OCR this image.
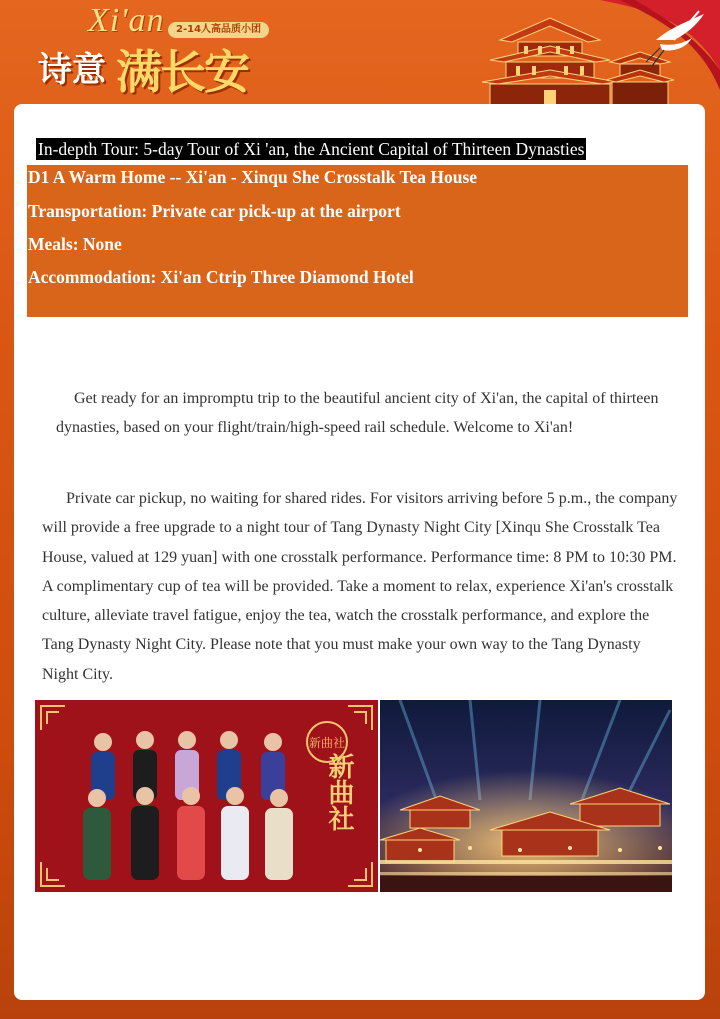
Xi'an	2-14人高品质小团
诗意 满长安
In-depth Tour: 5-day Tour of Xi 'an, the Ancient Capital of Thirteen Dynasties
D1 A Warm Home -- Xi'an - Xinqu She Crosstalk Tea House
Transportation: Private car pick-up at the airport
Meals: None
Accommodation: Xi'an Ctrip Three Diamond Hotel

Get ready for an impromptu trip to the beautiful ancient city of Xi'an, the capital of thirteen dynasties, based on your flight/train/high-speed rail schedule. Welcome to Xi'an!

Private car pickup, no waiting for shared rides. For visitors arriving before 5 p.m., the company will provide a free upgrade to a night tour of Tang Dynasty Night City [Xinqu She Crosstalk Tea House, valued at 129 yuan] with one crosstalk performance. Performance time: 8 PM to 10:30 PM. A complimentary cup of tea will be provided. Take a moment to relax, experience Xi'an's crosstalk culture, alleviate travel fatigue, enjoy the tea, watch the crosstalk performance, and explore the Tang Dynasty Night City. Please note that you must make your own way to the Tang Dynasty Night City.

新曲社
新曲社
